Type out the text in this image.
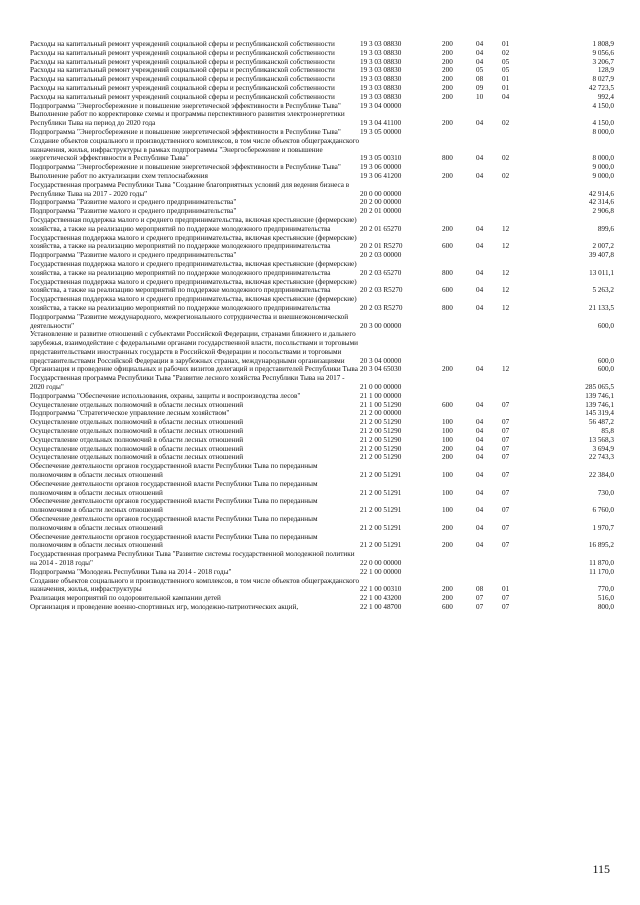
Расходы на капитальный ремонт учреждений социальной сферы и республиканской собственности	19 3 03 08830	200	04	01	1 808,9
Расходы на капитальный ремонт учреждений социальной сферы и республиканской собственности	19 3 03 08830	200	04	02	9 056,6
Расходы на капитальный ремонт учреждений социальной сферы и республиканской собственности	19 3 03 08830	200	04	05	3 206,7
Расходы на капитальный ремонт учреждений социальной сферы и республиканской собственности	19 3 03 08830	200	05	05	128,9
Расходы на капитальный ремонт учреждений социальной сферы и республиканской собственности	19 3 03 08830	200	08	01	8 027,9
Расходы на капитальный ремонт учреждений социальной сферы и республиканской собственности	19 3 03 08830	200	09	01	42 723,5
Расходы на капитальный ремонт учреждений социальной сферы и республиканской собственности	19 3 03 08830	200	10	04	992,4
Подпрограмма "Энергосбережение и повышение энергетической эффективности в Республике Тыва"	19 3 04 00000				4 150,0
Выполнение работ по корректировке схемы и программы перспективного развития электроэнергетики Республики Тыва на период до 2020 года	19 3 04 41100	200	04	02	4 150,0
Подпрограмма "Энергосбережение и повышение энергетической эффективности в Республике Тыва"	19 3 05 00000				8 000,0
Создание объектов социального и производственного комплексов, в том числе объектов общегражданского назначения, жилья, инфраструктуры в рамках подпрограммы "Энергосбережение и повышение энергетической эффективности в Республике Тыва"	19 3 05 00310	800	04	02	8 000,0
Подпрограмма "Энергосбережение и повышение энергетической эффективности в Республике Тыва"	19 3 06 00000				9 000,0
Выполнение работ по актуализации схем теплоснабжения	19 3 06 41200	200	04	02	9 000,0
Государственная программа Республики Тыва "Создание благоприятных условий для ведения бизнеса в Республике Тыва на 2017 - 2020 годы"	20 0 00 00000				42 914,6
Подпрограмма "Развитие малого и среднего предпринимательства"	20 2 00 00000				42 314,6
Подпрограмма "Развитие малого и среднего предпринимательства"	20 2 01 00000				2 906,8
Государственная поддержка малого и среднего предпринимательства, включая крестьянские (фермерские) хозяйства, а также на реализацию мероприятий по поддержке молодежного предпринимательства	20 2 01 65270	200	04	12	899,6
Государственная поддержка малого и среднего предпринимательства, включая крестьянские (фермерские) хозяйства, а также на реализацию мероприятий по поддержке молодежного предпринимательства	20 2 01 R5270	600	04	12	2 007,2
Подпрограмма "Развитие малого и среднего предпринимательства"	20 2 03 00000				39 407,8
Государственная поддержка малого и среднего предпринимательства, включая крестьянские (фермерские) хозяйства, а также на реализацию мероприятий по поддержке молодежного предпринимательства	20 2 03 65270	800	04	12	13 011,1
Государственная поддержка малого и среднего предпринимательства, включая крестьянские (фермерские) хозяйства, а также на реализацию мероприятий по поддержке молодежного предпринимательства	20 2 03 R5270	600	04	12	5 263,2
Государственная поддержка малого и среднего предпринимательства, включая крестьянские (фермерские) хозяйства, а также на реализацию мероприятий по поддержке молодежного предпринимательства	20 2 03 R5270	800	04	12	21 133,5
Подпрограмма "Развитие международного, межрегионального сотрудничества и внешнеэкономической деятельности"	20 3 00 00000				600,0
Установление и развитие отношений с субъектами Российской Федерации, странами ближнего и дальнего зарубежья, взаимодействие с федеральными органами государственной власти, посольствами и торговыми представительствами иностранных государств в Российской Федерации и посольствами и торговыми представительствами Российской Федерации в зарубежных странах, международными организациями	20 3 04 00000				600,0
Организация и проведение официальных и рабочих визитов делегаций и представителей Республики Тыва	20 3 04 65030	200	04	12	600,0
Государственная программа Республики Тыва "Развитие лесного хозяйства Республики Тыва на 2017 - 2020 годы"	21 0 00 00000				285 065,5
Подпрограмма "Обеспечение использования, охраны, защиты и воспроизводства лесов"	21 1 00 00000				139 746,1
Осуществление отдельных полномочий в области лесных отношений	21 1 00 51290	600	04	07	139 746,1
Подпрограмма "Стратегическое управление лесным хозяйством"	21 2 00 00000				145 319,4
Осуществление отдельных полномочий в области лесных отношений	21 2 00 51290	100	04	07	56 487,2
Осуществление отдельных полномочий в области лесных отношений	21 2 00 51290	100	04	07	85,8
Осуществление отдельных полномочий в области лесных отношений	21 2 00 51290	100	04	07	13 568,3
Осуществление отдельных полномочий в области лесных отношений	21 2 00 51290	200	04	07	3 694,9
Осуществление отдельных полномочий в области лесных отношений	21 2 00 51290	200	04	07	22 743,3
Обеспечение деятельности органов государственной власти Республики Тыва по переданным полномочиям в области лесных отношений	21 2 00 51291	100	04	07	22 384,0
Обеспечение деятельности органов государственной власти Республики Тыва по переданным полномочиям в области лесных отношений	21 2 00 51291	100	04	07	730,0
Обеспечение деятельности органов государственной власти Республики Тыва по переданным полномочиям в области лесных отношений	21 2 00 51291	100	04	07	6 760,0
Обеспечение деятельности органов государственной власти Республики Тыва по переданным полномочиям в области лесных отношений	21 2 00 51291	200	04	07	1 970,7
Обеспечение деятельности органов государственной власти Республики Тыва по переданным полномочиям в области лесных отношений	21 2 00 51291	200	04	07	16 895,2
Государственная программа Республики Тыва "Развитие системы государственной молодежной политики на 2014 - 2018 годы"	22 0 00 00000				11 870,0
Подпрограмма "Молодежь Республики Тыва на 2014 - 2018 годы"	22 1 00 00000				11 170,0
Создание объектов социального и производственного комплексов, в том числе объектов общегражданского назначения, жилья, инфраструктуры	22 1 00 00310	200	08	01	770,0
Реализация мероприятий по оздоровительной кампании детей	22 1 00 43200	200	07	07	516,0
Организация и проведение военно-спортивных игр, молодежно-патриотических акций,	22 1 00 48700	600	07	07	800,0
115
